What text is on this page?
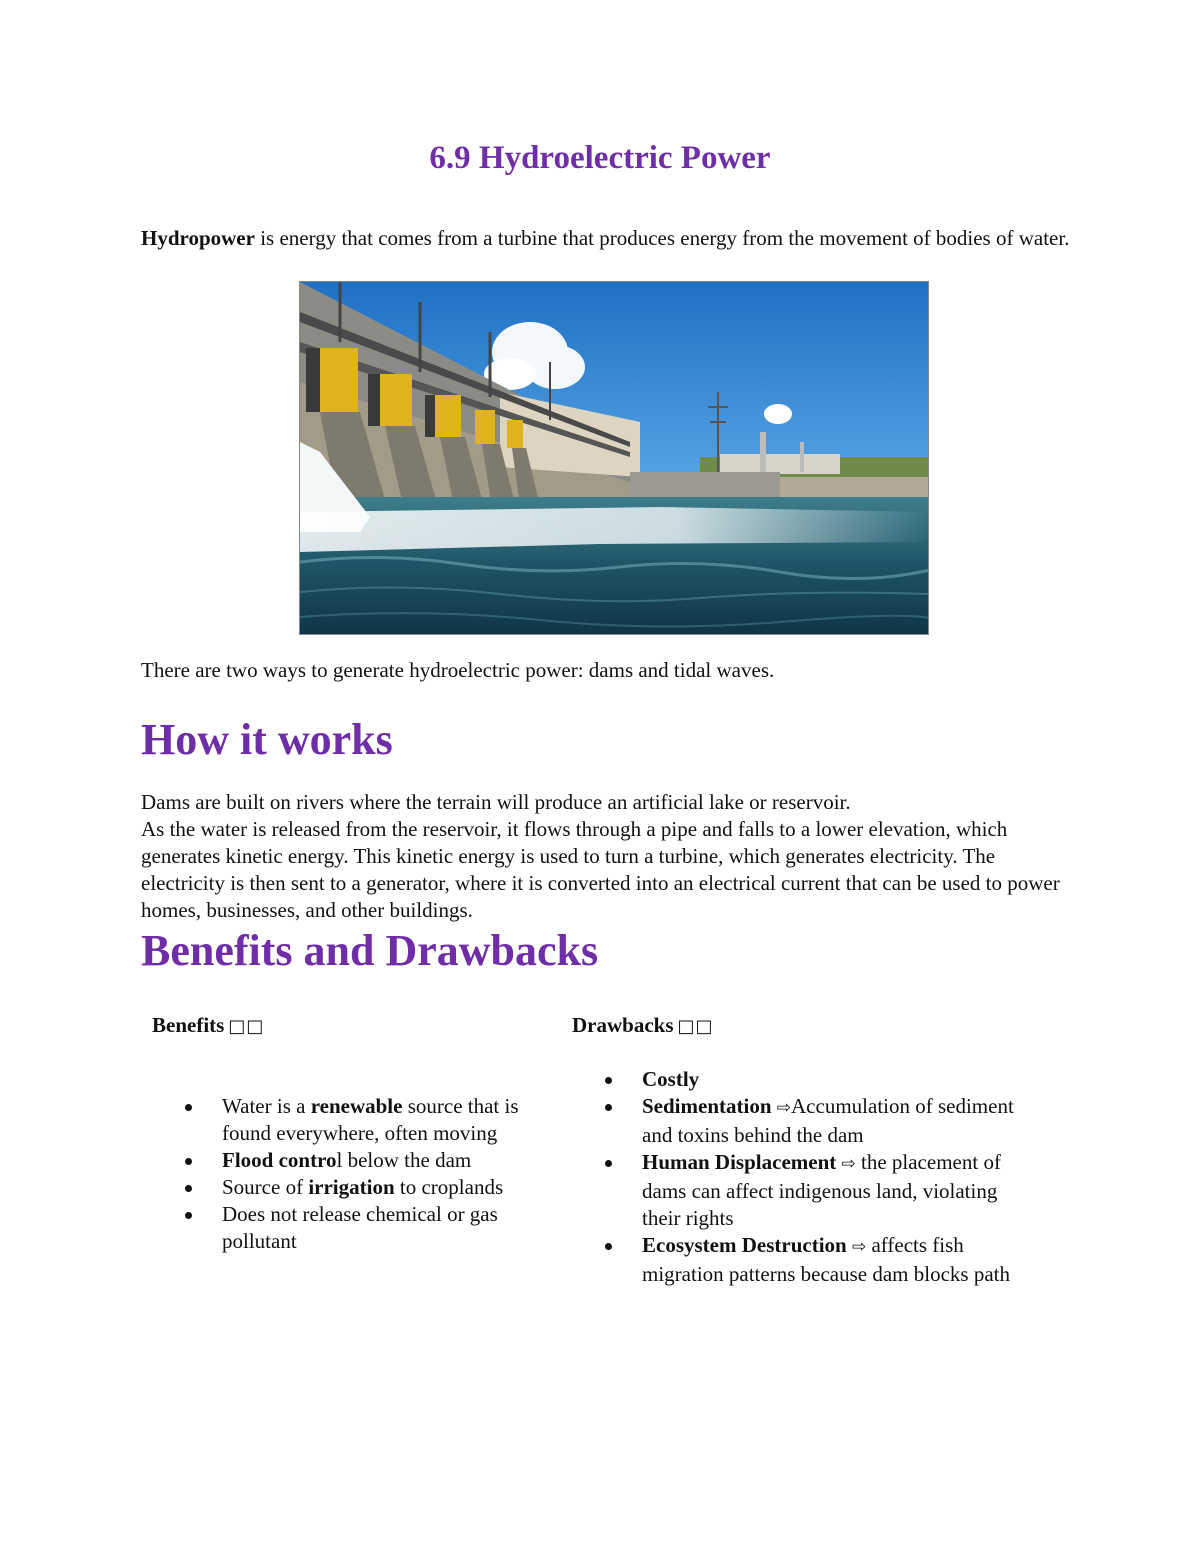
6.9 Hydroelectric Power

Hydropower is energy that comes from a turbine that produces energy from the movement of bodies of water.

There are two ways to generate hydroelectric power: dams and tidal waves.

How it works
Dams are built on rivers where the terrain will produce an artificial lake or reservoir.
As the water is released from the reservoir, it flows through a pipe and falls to a lower elevation, which generates kinetic energy. This kinetic energy is used to turn a turbine, which generates electricity. The electricity is then sent to a generator, where it is converted into an electrical current that can be used to power homes, businesses, and other buildings.
Benefits and Drawbacks

Benefits □□

Water is a renewable source that is found everywhere, often moving
Flood control below the dam
Source of irrigation to croplands
Does not release chemical or gas pollutant

Drawbacks □□

Costly
Sedimentation ⇨Accumulation of sediment and toxins behind the dam
Human Displacement ⇨ the placement of dams can affect indigenous land, violating their rights
Ecosystem Destruction ⇨ affects fish migration patterns because dam blocks path
